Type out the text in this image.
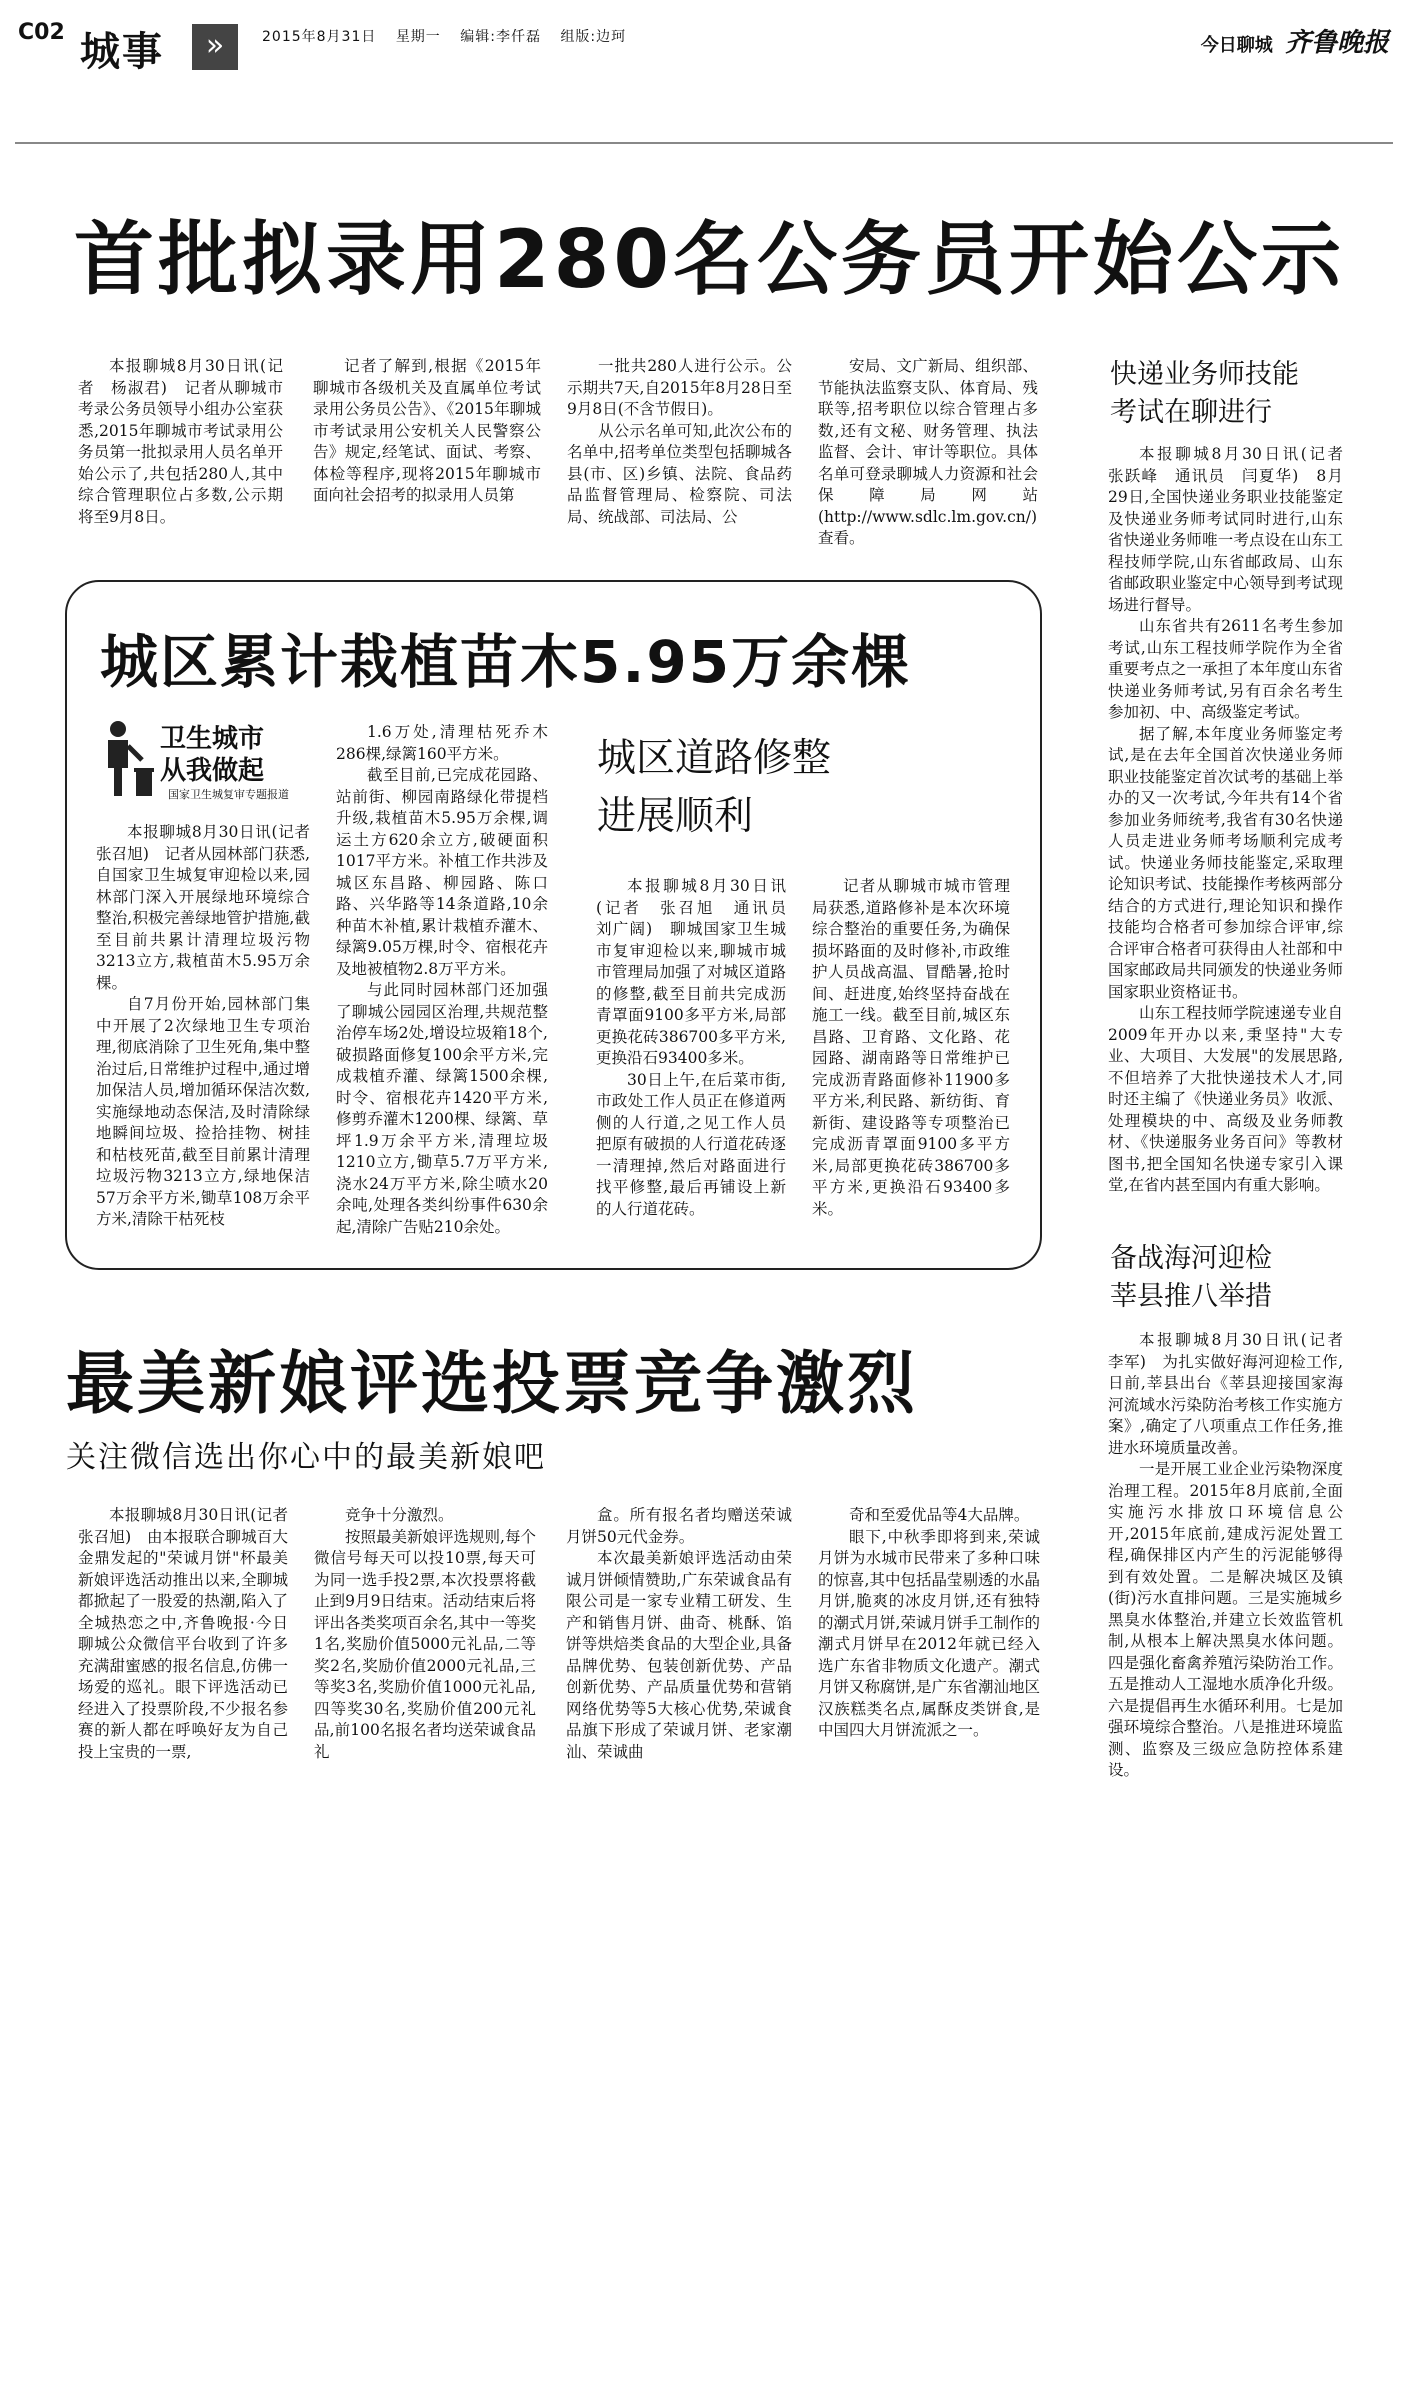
C02 城事	»	2015年8月31日 星期一 编辑:李仟磊 组版:边珂	今日聊城 齐鲁晚报
首批拟录用280名公务员开始公示

本报聊城8月30日讯(记者　杨淑君)　记者从聊城市考录公务员领导小组办公室获悉,2015年聊城市考试录用公务员第一批拟录用人员名单开始公示了,共包括280人,其中综合管理职位占多数,公示期将至9月8日。

记者了解到,根据《2015年聊城市各级机关及直属单位考试录用公务员公告》、《2015年聊城市考试录用公安机关人民警察公告》规定,经笔试、面试、考察、体检等程序,现将2015年聊城市面向社会招考的拟录用人员第

一批共280人进行公示。公示期共7天,自2015年8月28日至9月8日(不含节假日)。

从公示名单可知,此次公布的名单中,招考单位类型包括聊城各县(市、区)乡镇、法院、食品药品监督管理局、检察院、司法局、统战部、司法局、公

安局、文广新局、组织部、节能执法监察支队、体育局、残联等,招考职位以综合管理占多数,还有文秘、财务管理、执法监督、会计、审计等职位。具体名单可登录聊城人力资源和社会保障局网站(http://www.sdlc.lm.gov.cn/)查看。

快递业务师技能
考试在聊进行

本报聊城8月30日讯(记者　张跃峰　通讯员　闫夏华)　8月29日,全国快递业务职业技能鉴定及快递业务师考试同时进行,山东省快递业务师唯一考点设在山东工程技师学院,山东省邮政局、山东省邮政职业鉴定中心领导到考试现场进行督导。

山东省共有2611名考生参加考试,山东工程技师学院作为全省重要考点之一承担了本年度山东省快递业务师考试,另有百余名考生参加初、中、高级鉴定考试。

据了解,本年度业务师鉴定考试,是在去年全国首次快递业务师职业技能鉴定首次试考的基础上举办的又一次考试,今年共有14个省参加业务师统考,我省有30名快递人员走进业务师考场顺利完成考试。快递业务师技能鉴定,采取理论知识考试、技能操作考核两部分结合的方式进行,理论知识和操作技能均合格者可参加综合评审,综合评审合格者可获得由人社部和中国家邮政局共同颁发的快递业务师国家职业资格证书。

山东工程技师学院速递专业自2009年开办以来,秉坚持"大专业、大项目、大发展"的发展思路,不但培养了大批快递技术人才,同时还主编了《快递业务员》收派、处理模块的中、高级及业务师教材、《快递服务业务百问》等教材图书,把全国知名快递专家引入课堂,在省内甚至国内有重大影响。

城区累计栽植苗木5.95万余棵
卫生城市
从我做起
国家卫生城复审专题报道

本报聊城8月30日讯(记者　张召旭)　记者从园林部门获悉,自国家卫生城复审迎检以来,园林部门深入开展绿地环境综合整治,积极完善绿地管护措施,截至目前共累计清理垃圾污物3213立方,栽植苗木5.95万余棵。

自7月份开始,园林部门集中开展了2次绿地卫生专项治理,彻底消除了卫生死角,集中整治过后,日常维护过程中,通过增加保洁人员,增加循环保洁次数,实施绿地动态保洁,及时清除绿地瞬间垃圾、捡拾挂物、树挂和枯枝死苗,截至目前累计清理垃圾污物3213立方,绿地保洁57万余平方米,锄草108万余平方米,清除干枯死枝

1.6万处,清理枯死乔木286棵,绿篱160平方米。

截至目前,已完成花园路、站前街、柳园南路绿化带提档升级,栽植苗木5.95万余棵,调运土方620余立方,破硬面积1017平方米。补植工作共涉及城区东昌路、柳园路、陈口路、兴华路等14条道路,10余种苗木补植,累计栽植乔灌木、绿篱9.05万棵,时令、宿根花卉及地被植物2.8万平方米。

与此同时园林部门还加强了聊城公园园区治理,共规范整治停车场2处,增设垃圾箱18个,破损路面修复100余平方米,完成栽植乔灌、绿篱1500余棵,时令、宿根花卉1420平方米,修剪乔灌木1200棵、绿篱、草坪1.9万余平方米,清理垃圾1210立方,锄草5.7万平方米,浇水24万平方米,除尘喷水20余吨,处理各类纠纷事件630余起,清除广告贴210余处。

城区道路修整
进展顺利

本报聊城8月30日讯(记者　张召旭　通讯员　刘广阔)　聊城国家卫生城市复审迎检以来,聊城市城市管理局加强了对城区道路的修整,截至目前共完成沥青罩面9100多平方米,局部更换花砖386700多平方米,更换沿石93400多米。

30日上午,在后菜市街,市政处工作人员正在修道两侧的人行道,之见工作人员把原有破损的人行道花砖逐一清理掉,然后对路面进行找平修整,最后再铺设上新的人行道花砖。

记者从聊城市城市管理局获悉,道路修补是本次环境综合整治的重要任务,为确保损坏路面的及时修补,市政维护人员战高温、冒酷暑,抢时间、赶进度,始终坚持奋战在施工一线。截至目前,城区东昌路、卫育路、文化路、花园路、湖南路等日常维护已完成沥青路面修补11900多平方米,利民路、新纺街、育新街、建设路等专项整治已完成沥青罩面9100多平方米,局部更换花砖386700多平方米,更换沿石93400多米。

备战海河迎检
莘县推八举措

本报聊城8月30日讯(记者　李军)　为扎实做好海河迎检工作,日前,莘县出台《莘县迎接国家海河流域水污染防治考核工作实施方案》,确定了八项重点工作任务,推进水环境质量改善。

一是开展工业企业污染物深度治理工程。2015年8月底前,全面实施污水排放口环境信息公开,2015年底前,建成污泥处置工程,确保排区内产生的污泥能够得到有效处置。二是解决城区及镇(街)污水直排问题。三是实施城乡黑臭水体整治,并建立长效监管机制,从根本上解决黑臭水体问题。四是强化畜禽养殖污染防治工作。五是推动人工湿地水质净化升级。六是提倡再生水循环利用。七是加强环境综合整治。八是推进环境监测、监察及三级应急防控体系建设。

最美新娘评选投票竞争激烈
关注微信选出你心中的最美新娘吧

本报聊城8月30日讯(记者　张召旭)　由本报联合聊城百大金鼎发起的"荣诚月饼"杯最美新娘评选活动推出以来,全聊城都掀起了一股爱的热潮,陷入了全城热恋之中,齐鲁晚报·今日聊城公众微信平台收到了许多充满甜蜜感的报名信息,仿佛一场爱的巡礼。眼下评选活动已经进入了投票阶段,不少报名参赛的新人都在呼唤好友为自己投上宝贵的一票,

竞争十分激烈。

按照最美新娘评选规则,每个微信号每天可以投10票,每天可为同一选手投2票,本次投票将截止到9月9日结束。活动结束后将评出各类奖项百余名,其中一等奖1名,奖励价值5000元礼品,二等奖2名,奖励价值2000元礼品,三等奖3名,奖励价值1000元礼品,四等奖30名,奖励价值200元礼品,前100名报名者均送荣诚食品礼

盒。所有报名者均赠送荣诚月饼50元代金券。

本次最美新娘评选活动由荣诚月饼倾情赞助,广东荣诚食品有限公司是一家专业精工研发、生产和销售月饼、曲奇、桃酥、馅饼等烘焙类食品的大型企业,具备品牌优势、包装创新优势、产品创新优势、产品质量优势和营销网络优势等5大核心优势,荣诚食品旗下形成了荣诚月饼、老家潮汕、荣诚曲

奇和至爱优品等4大品牌。

眼下,中秋季即将到来,荣诚月饼为水城市民带来了多种口味的惊喜,其中包括晶莹剔透的水晶月饼,脆爽的冰皮月饼,还有独特的潮式月饼,荣诚月饼手工制作的潮式月饼早在2012年就已经入选广东省非物质文化遗产。潮式月饼又称腐饼,是广东省潮汕地区汉族糕类名点,属酥皮类饼食,是中国四大月饼流派之一。
